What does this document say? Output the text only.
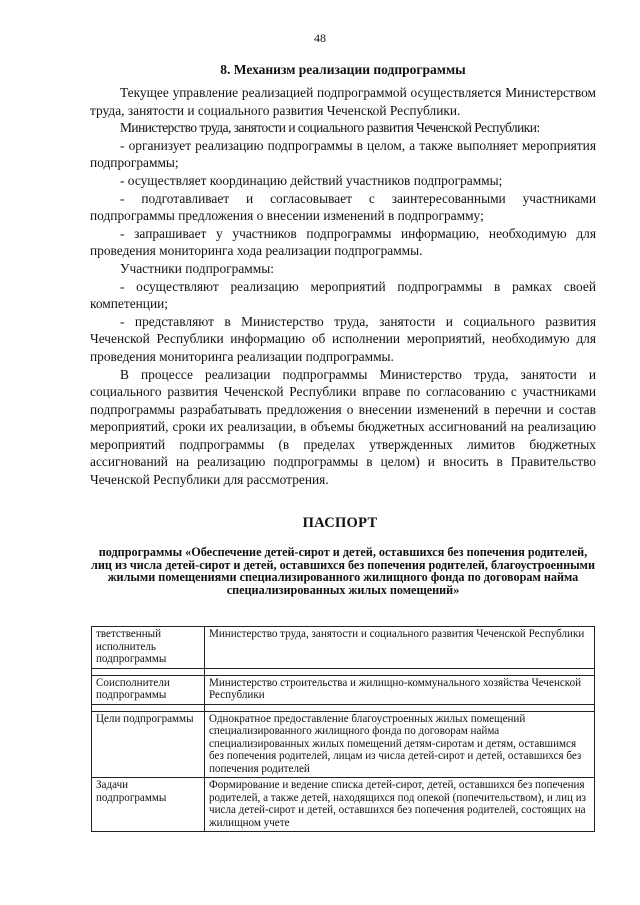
48
8. Механизм реализации подпрограммы

Текущее управление реализацией подпрограммой осуществляется Министерством труда, занятости и социального развития Чеченской Республики.

Министерство труда, занятости и социального развития Чеченской Республики:

- организует реализацию подпрограммы в целом, а также выполняет мероприятия подпрограммы;

- осуществляет координацию действий участников подпрограммы;

- подготавливает и согласовывает с заинтересованными участниками подпрограммы предложения о внесении изменений в подпрограмму;

- запрашивает у участников подпрограммы информацию, необходимую для проведения мониторинга хода реализации подпрограммы.

Участники подпрограммы:

- осуществляют реализацию мероприятий подпрограммы в рамках своей компетенции;

- представляют в Министерство труда, занятости и социального развития Чеченской Республики информацию об исполнении мероприятий, необходимую для проведения мониторинга реализации подпрограммы.

В процессе реализации подпрограммы Министерство труда, занятости и социального развития Чеченской Республики вправе по согласованию с участниками подпрограммы разрабатывать предложения о внесении изменений в перечни и состав мероприятий, сроки их реализации, в объемы бюджетных ассигнований на реализацию мероприятий подпрограммы (в пределах утвержденных лимитов бюджетных ассигнований на реализацию подпрограммы в целом) и вносить в Правительство Чеченской Республики для рассмотрения.

ПАСПОРТ
подпрограммы «Обеспечение детей-сирот и детей, оставшихся без попечения родителей, лиц из числа детей-сирот и детей, оставшихся без попечения родителей, благоустроенными жилыми помещениями специализированного жилищного фонда по договорам найма специализированных жилых помещений»
тветственный исполнитель подпрограммы	Министерство труда, занятости и социального развития Чеченской Республики

Соисполнители подпрограммы	Министерство строительства и жилищно-коммунального хозяйства Чеченской Республики

Цели подпрограммы	Однократное предоставление благоустроенных жилых помещений специализированного жилищного фонда по договорам найма специализированных жилых помещений детям-сиротам и детям, оставшимся без попечения родителей, лицам из числа детей-сирот и детей, оставшихся без попечения родителей
Задачи подпрограммы	Формирование и ведение списка детей-сирот, детей, оставшихся без попечения родителей, а также детей, находящихся под опекой (попечительством), и лиц из числа детей-сирот и детей, оставшихся без попечения родителей, состоящих на жилищном учете
